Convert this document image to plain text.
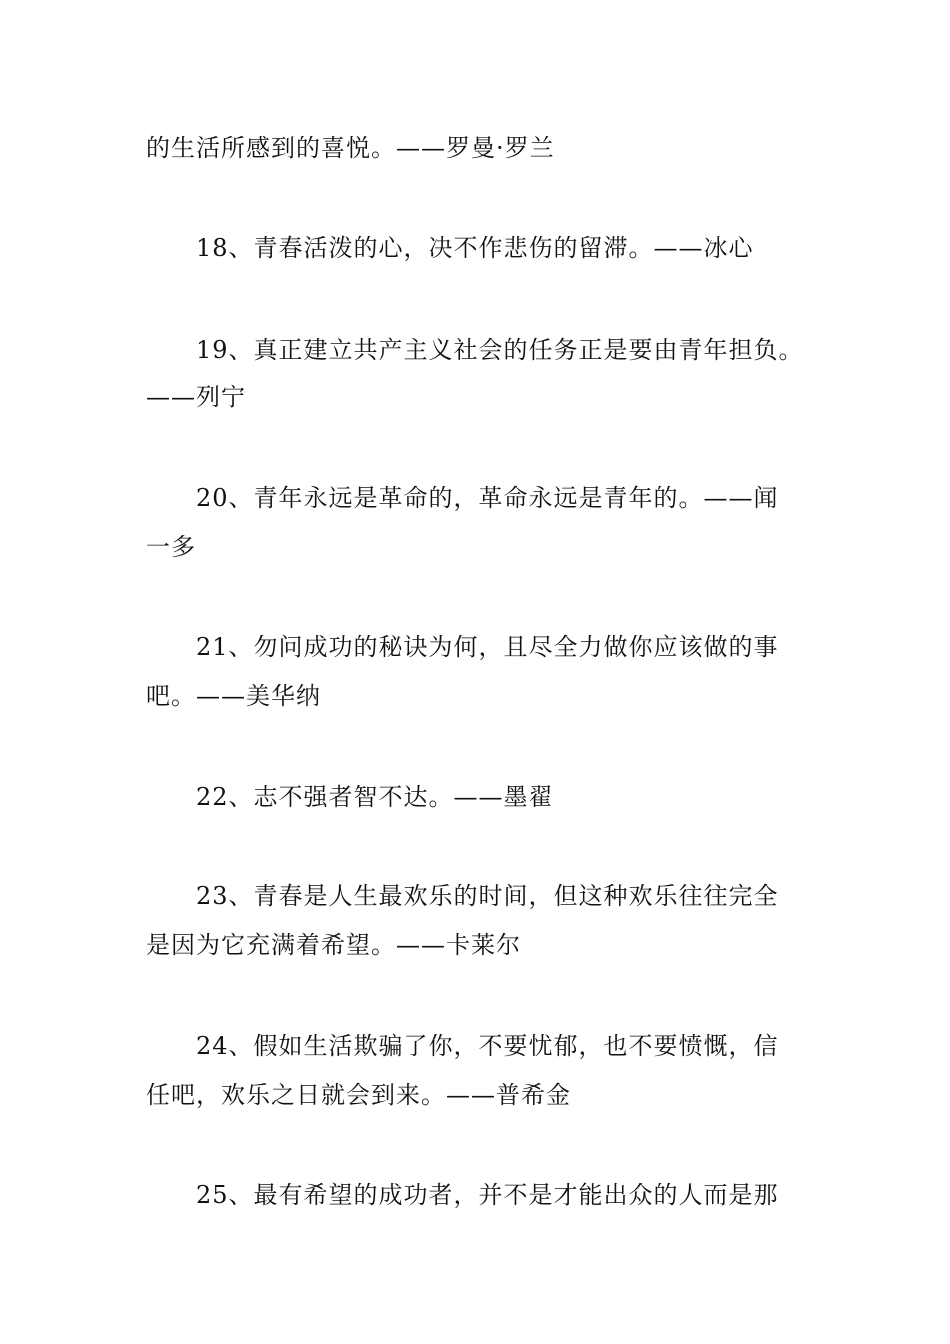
的生活所感到的喜悦。——罗曼·罗兰
18、青春活泼的心，决不作悲伤的留滞。——冰心
19、真正建立共产主义社会的任务正是要由青年担负。
——列宁
20、青年永远是革命的，革命永远是青年的。——闻
一多
21、勿问成功的秘诀为何，且尽全力做你应该做的事
吧。——美华纳
22、志不强者智不达。——墨翟
23、青春是人生最欢乐的时间，但这种欢乐往往完全
是因为它充满着希望。——卡莱尔
24、假如生活欺骗了你，不要忧郁，也不要愤慨，信
任吧，欢乐之日就会到来。——普希金
25、最有希望的成功者，并不是才能出众的人而是那
